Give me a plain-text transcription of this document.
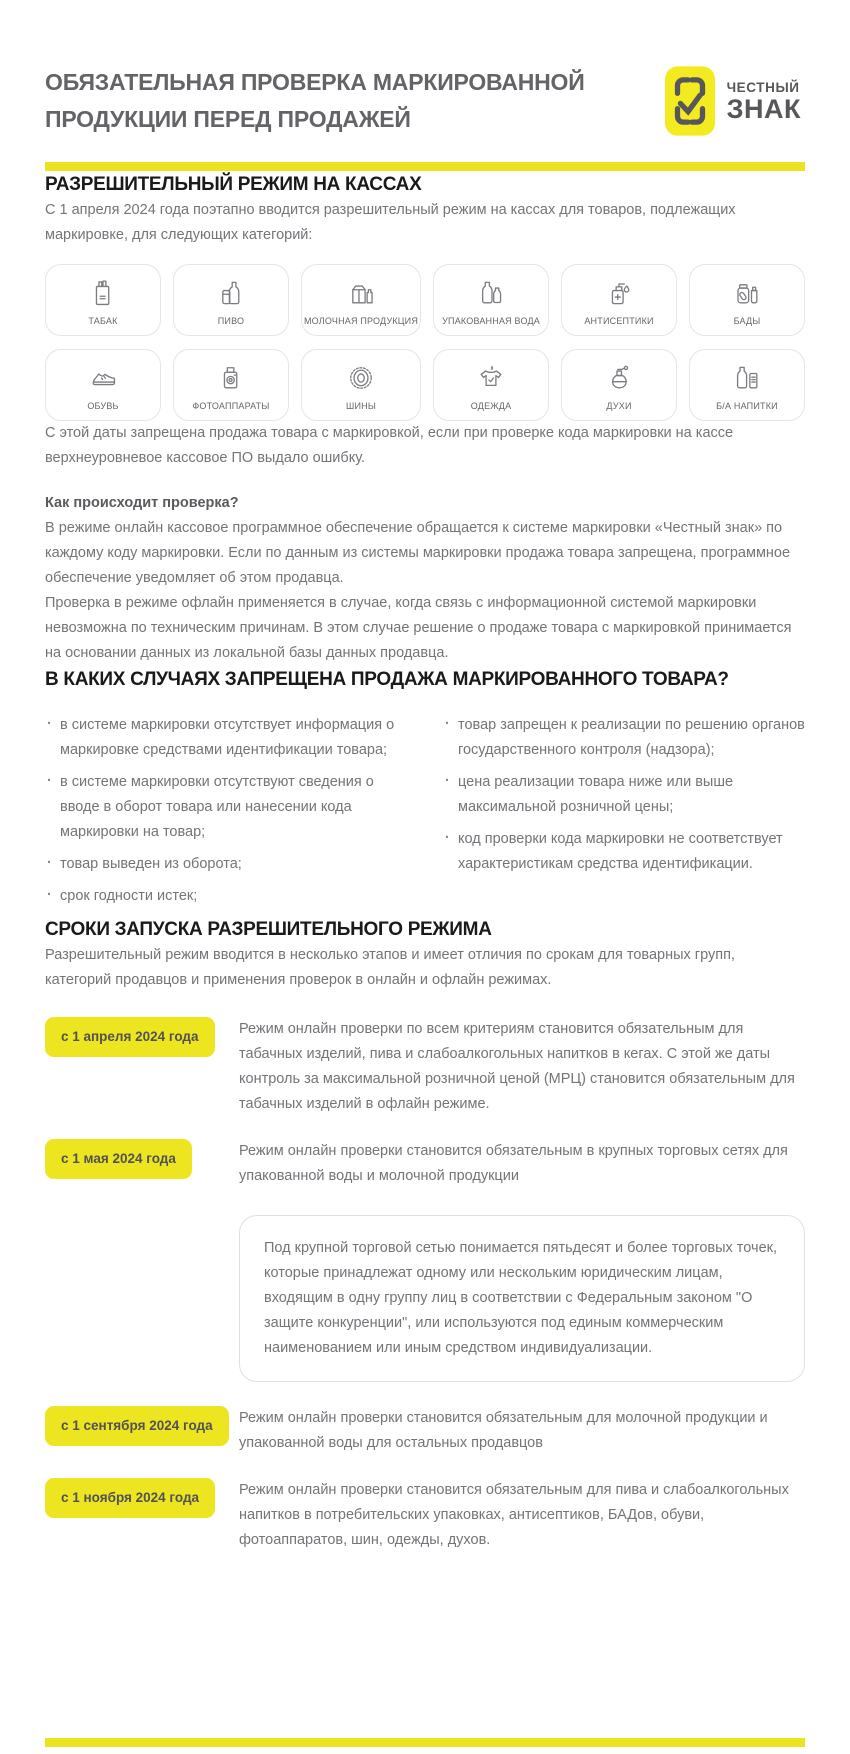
ОБЯЗАТЕЛЬНАЯ ПРОВЕРКА МАРКИРОВАННОЙ
ПРОДУКЦИИ ПЕРЕД ПРОДАЖЕЙ
ЧЕСТНЫЙ
ЗНАК
РАЗРЕШИТЕЛЬНЫЙ РЕЖИМ НА КАССАХ

С 1 апреля 2024 года поэтапно вводится разрешительный режим на кассах для товаров, подлежащих маркировке, для следующих категорий:

ТАБАК	ПИВО	МОЛОЧНАЯ ПРОДУКЦИЯ	УПАКОВАННАЯ ВОДА	АНТИСЕПТИКИ	БАДЫ
ОБУВЬ	ФОТОАППАРАТЫ	ШИНЫ	ОДЕЖДА	ДУХИ	Б/А НАПИТКИ

С этой даты запрещена продажа товара с маркировкой, если при проверке кода маркировки на кассе верхнеуровневое кассовое ПО выдало ошибку.

Как происходит проверка?

В режиме онлайн кассовое программное обеспечение обращается к системе маркировки «Честный знак» по каждому коду маркировки. Если по данным из системы маркировки продажа товара запрещена, программное обеспечение уведомляет об этом продавца.

Проверка в режиме офлайн применяется в случае, когда связь с информационной системой маркировки невозможна по техническим причинам. В этом случае решение о продаже товара с маркировкой принимается на основании данных из локальной базы данных продавца.

В КАКИХ СЛУЧАЯХ ЗАПРЕЩЕНА ПРОДАЖА МАРКИРОВАННОГО ТОВАРА?
· в системе маркировки отсутствует информация о маркировке средствами идентификации товара;
· в системе маркировки отсутствуют сведения о вводе в оборот товара или нанесении кода маркировки на товар;
· товар выведен из оборота;
· срок годности истек;
· товар запрещен к реализации по решению органов государственного контроля (надзора);
· цена реализации товара ниже или выше максимальной розничной цены;
· код проверки кода маркировки не соответствует характеристикам средства идентификации.
СРОКИ ЗАПУСКА РАЗРЕШИТЕЛЬНОГО РЕЖИМА

Разрешительный режим вводится в несколько этапов и имеет отличия по срокам для товарных групп, категорий продавцов и применения проверок в онлайн и офлайн режимах.

с 1 апреля 2024 года	Режим онлайн проверки по всем критериям становится обязательным для табачных изделий, пива и слабоалкогольных напитков в кегах. С этой же даты контроль за максимальной розничной ценой (МРЦ) становится обязательным для табачных изделий в офлайн режиме.

с 1 мая 2024 года	Режим онлайн проверки становится обязательным в крупных торговых сетях для упакованной воды и молочной продукции

Под крупной торговой сетью понимается пятьдесят и более торговых точек, которые принадлежат одному или нескольким юридическим лицам, входящим в одну группу лиц в соответствии с Федеральным законом "О защите конкуренции", или используются под единым коммерческим наименованием или иным средством индивидуализации.

с 1 сентября 2024 года	Режим онлайн проверки становится обязательным для молочной продукции и упакованной воды для остальных продавцов

с 1 ноября 2024 года	Режим онлайн проверки становится обязательным для пива и слабоалкогольных напитков в потребительских упаковках, антисептиков, БАДов, обуви, фотоаппаратов, шин, одежды, духов.
